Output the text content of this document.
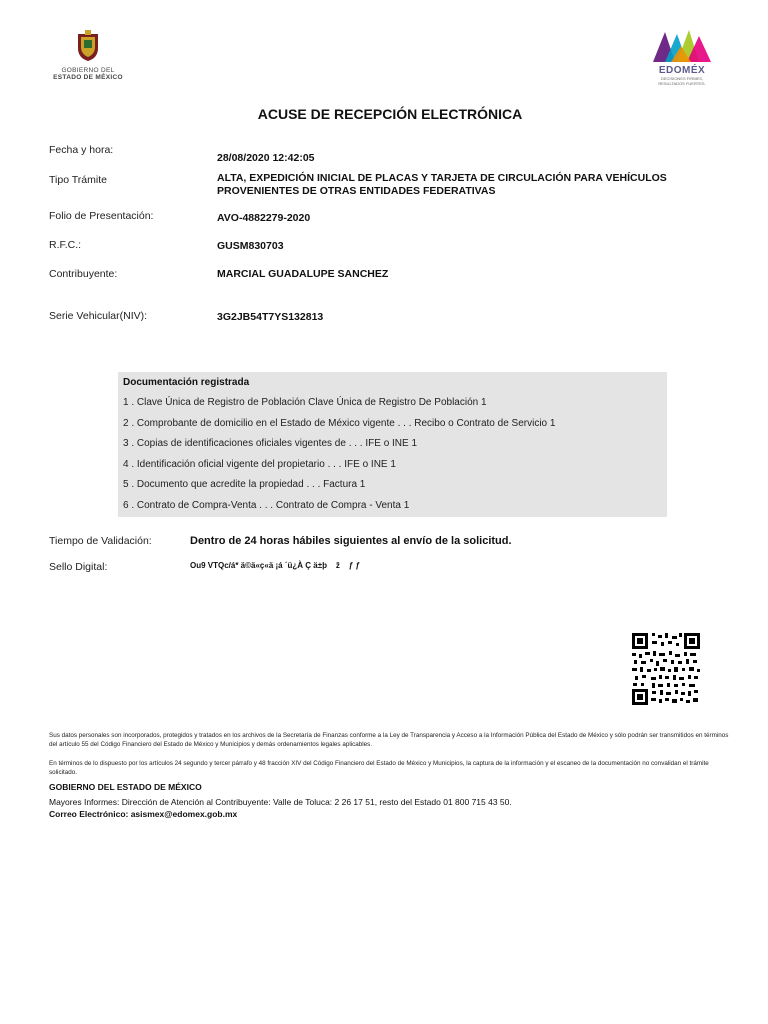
GOBIERNO DEL
ESTADO DE MÉXICO
EDOMÉX
DECISIONES FIRMES,
RESULTADOS FUERTES.
ACUSE DE RECEPCIÓN ELECTRÓNICA
Fecha y hora:
28/08/2020 12:42:05
Tipo Trámite	ALTA, EXPEDICIÓN INICIAL DE PLACAS Y TARJETA DE CIRCULACIÓN PARA VEHÍCULOS
PROVENIENTES DE OTRAS ENTIDADES FEDERATIVAS
Folio de Presentación:	AVO-4882279-2020
R.F.C.:	GUSM830703
Contribuyente:	MARCIAL GUADALUPE SANCHEZ
Serie Vehicular(NIV):	3G2JB54T7YS132813
Documentación registrada
1 . Clave Única de Registro de Población Clave Única de Registro De Población 1
2 . Comprobante de domicilio en el Estado de México vigente . . . Recibo o Contrato de Servicio 1
3 . Copias de identificaciones oficiales vigentes de . . . IFE o INE 1
4 . Identificación oficial vigente del propietario . . . IFE o INE 1
5 . Documento que acredite la propiedad . . . Factura 1
6 . Contrato de Compra-Venta . . . Contrato de Compra - Venta 1
Tiempo de Validación:	Dentro de 24 horas hábiles siguientes al envío de la solicitud.
Sello Digital:	Ou9 VTQc/á* ä©ä«ç«ä ¡á ´ü¿À Ç ä±þ    ž    ƒ ƒ
Sus datos personales son incorporados, protegidos y tratados en los archivos de la Secretaría de Finanzas conforme a la Ley de Transparencia y Acceso a la Información Pública del Estado de México y sólo podrán ser transmitidos en términos del artículo 55 del Código Financiero del Estado de México y Municipios y demás ordenamientos legales aplicables.
En términos de lo dispuesto por los artículos 24 segundo y tercer párrafo y 48 fracción XIV del Código Financiero del Estado de México y Municipios, la captura de la información y el escaneo de la documentación no convalidan el trámite solicitado.
GOBIERNO DEL ESTADO DE MÉXICO
Mayores Informes: Dirección de Atención al Contribuyente: Valle de Toluca: 2 26 17 51, resto del Estado 01 800 715 43 50.
Correo Electrónico: asismex@edomex.gob.mx
